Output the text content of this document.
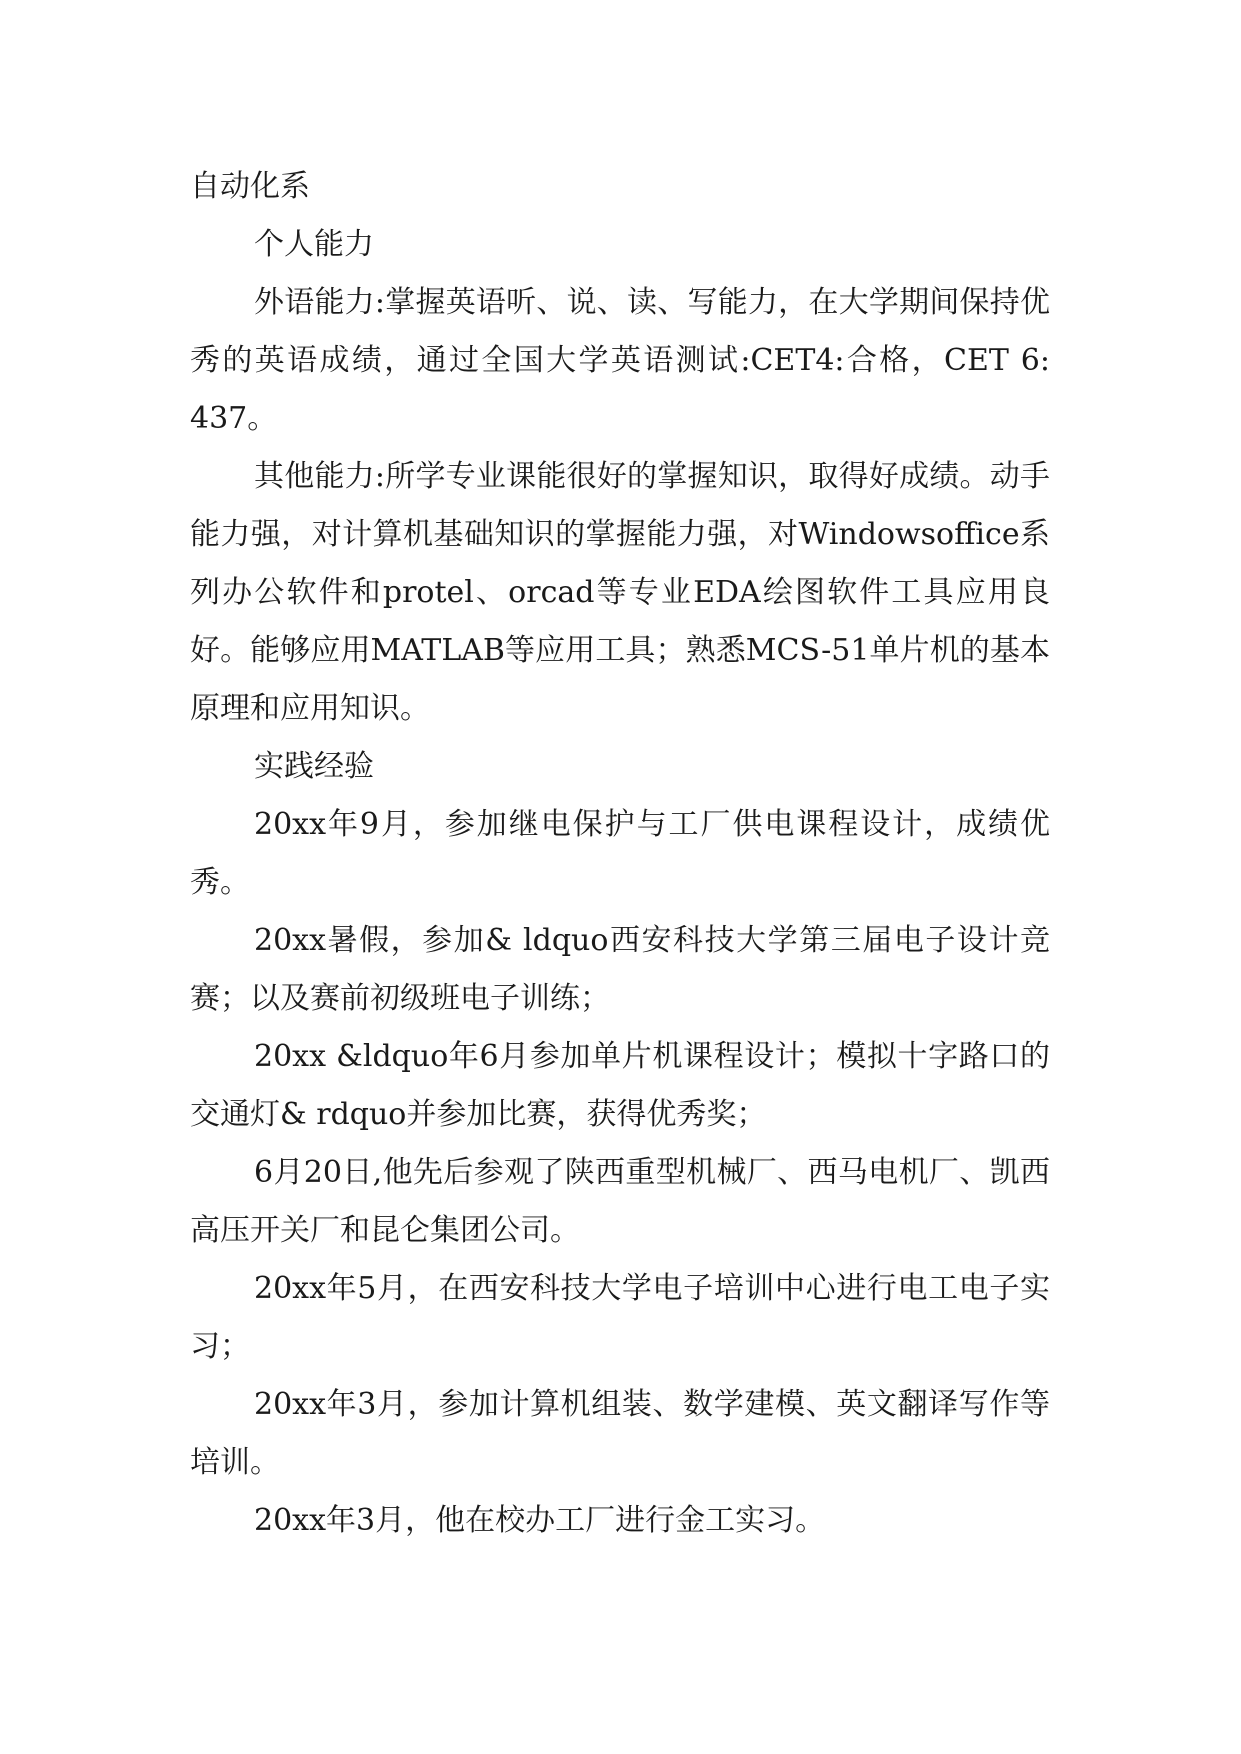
自动化系

个人能力

外语能力:掌握英语听、说、读、写能力，在大学期间保持优秀的英语成绩，通过全国大学英语测试:CET4:合格，CET 6: 437。

其他能力:所学专业课能很好的掌握知识，取得好成绩。动手能力强，对计算机基础知识的掌握能力强，对Windowsoffice系列办公软件和protel、orcad等专业EDA绘图软件工具应用良好。能够应用MATLAB等应用工具；熟悉MCS-51单片机的基本原理和应用知识。

实践经验

20xx年9月，参加继电保护与工厂供电课程设计，成绩优秀。

20xx暑假，参加& ldquo西安科技大学第三届电子设计竞赛；以及赛前初级班电子训练；

20xx &ldquo年6月参加单片机课程设计；模拟十字路口的交通灯& rdquo并参加比赛，获得优秀奖；

6月20日,他先后参观了陕西重型机械厂、西马电机厂、凯西高压开关厂和昆仑集团公司。

20xx年5月，在西安科技大学电子培训中心进行电工电子实习；

20xx年3月，参加计算机组装、数学建模、英文翻译写作等培训。

20xx年3月，他在校办工厂进行金工实习。
